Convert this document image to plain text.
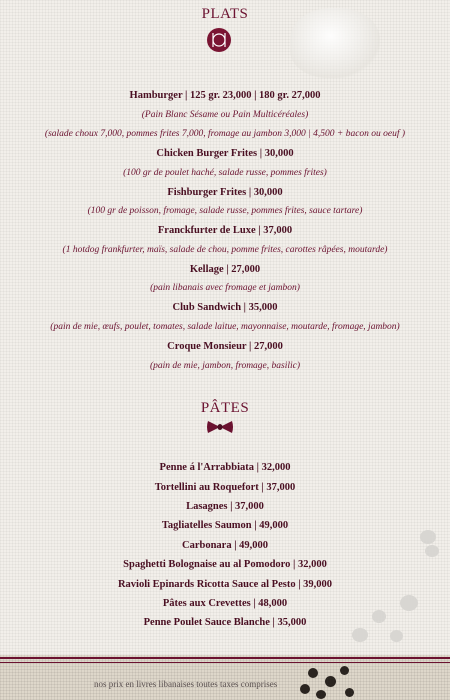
PLATS
Hamburger | 125 gr. 23,000 | 180 gr. 27,000
(Pain Blanc Sésame ou Pain Multicéréales)
(salade choux 7,000, pommes frites 7,000, fromage au jambon 3,000 | 4,500 + bacon ou oeuf )
Chicken Burger Frites | 30,000
(100 gr de poulet haché, salade russe, pommes frites)
Fishburger Frites | 30,000
(100 gr de poisson, fromage, salade russe, pommes frites, sauce tartare)
Franckfurter de Luxe | 37,000
(1 hotdog frankfurter, maïs, salade de chou, pomme frites, carottes râpées, moutarde)
Kellage | 27,000
(pain libanais avec fromage et jambon)
Club Sandwich | 35,000
(pain de mie, œufs, poulet, tomates, salade laitue, mayonnaise, moutarde, fromage, jambon)
Croque Monsieur | 27,000
(pain de mie, jambon, fromage, basilic)
PÂTES
Penne á l'Arrabbiata | 32,000
Tortellini au Roquefort | 37,000
Lasagnes | 37,000
Tagliatelles Saumon | 49,000
Carbonara | 49,000
Spaghetti Bolognaise au al Pomodoro | 32,000
Ravioli Epinards Ricotta Sauce al Pesto | 39,000
Pâtes aux Crevettes | 48,000
Penne Poulet Sauce Blanche | 35,000
nos prix en livres libanaises toutes taxes comprises
